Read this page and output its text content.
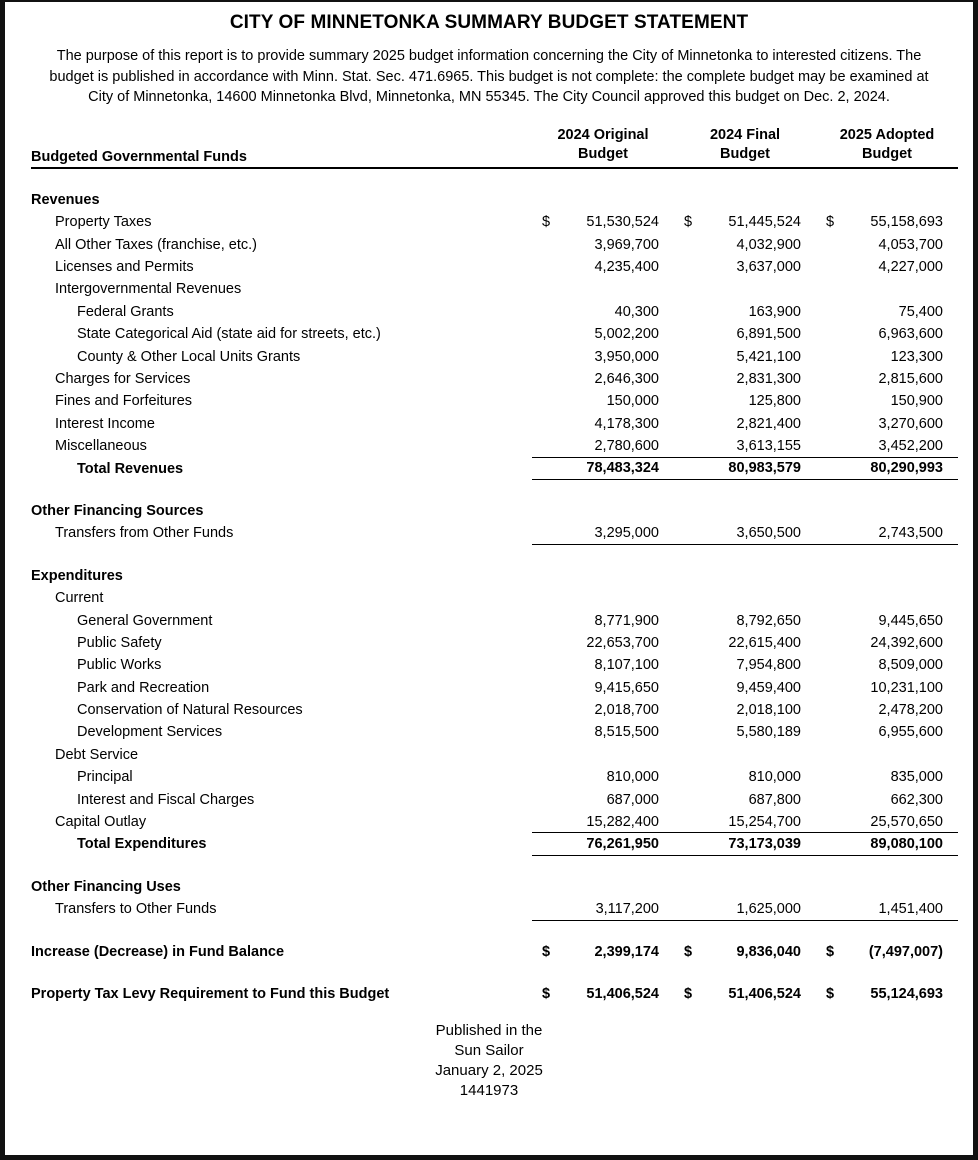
CITY OF MINNETONKA SUMMARY BUDGET STATEMENT
The purpose of this report is to provide summary 2025 budget information concerning the City of Minnetonka to interested citizens. The budget is published in accordance with Minn. Stat. Sec. 471.6965. This budget is not complete: the complete budget may be examined at City of Minnetonka, 14600 Minnetonka Blvd, Minnetonka, MN 55345. The City Council approved this budget on Dec. 2, 2024.

Budgeted Governmental Funds	
2024 Original
Budget

2024 Final
Budget

2025 Adopted
Budget

Revenues			

Property Taxes	$ 51,530,524	$ 51,445,524	$ 55,158,693

All Other Taxes (franchise, etc.)	3,969,700	4,032,900	4,053,700

Licenses and Permits	4,235,400	3,637,000	4,227,000

Intergovernmental Revenues			

Federal Grants	40,300	163,900	75,400

State Categorical Aid (state aid for streets, etc.)	5,002,200	6,891,500	6,963,600

County & Other Local Units Grants	3,950,000	5,421,100	123,300

Charges for Services	2,646,300	2,831,300	2,815,600

Fines and Forfeitures	150,000	125,800	150,900

Interest Income	4,178,300	2,821,400	3,270,600

Miscellaneous	2,780,600	3,613,155	3,452,200

Total Revenues	78,483,324	80,983,579	80,290,993

Other Financing Sources			

Transfers from Other Funds	3,295,000	3,650,500	2,743,500

Expenditures			

Current			

General Government	8,771,900	8,792,650	9,445,650

Public Safety	22,653,700	22,615,400	24,392,600

Public Works	8,107,100	7,954,800	8,509,000

Park and Recreation	9,415,650	9,459,400	10,231,100

Conservation of Natural Resources	2,018,700	2,018,100	2,478,200

Development Services	8,515,500	5,580,189	6,955,600

Debt Service			

Principal	810,000	810,000	835,000

Interest and Fiscal Charges	687,000	687,800	662,300

Capital Outlay	15,282,400	15,254,700	25,570,650

Total Expenditures	76,261,950	73,173,039	89,080,100

Other Financing Uses			

Transfers to Other Funds	3,117,200	1,625,000	1,451,400

Increase (Decrease) in Fund Balance	$ 2,399,174	$ 9,836,040	$ (7,497,007)

Property Tax Levy Requirement to Fund this Budget	$ 51,406,524	$ 51,406,524	$ 55,124,693
Published in the
Sun Sailor
January 2, 2025
1441973
